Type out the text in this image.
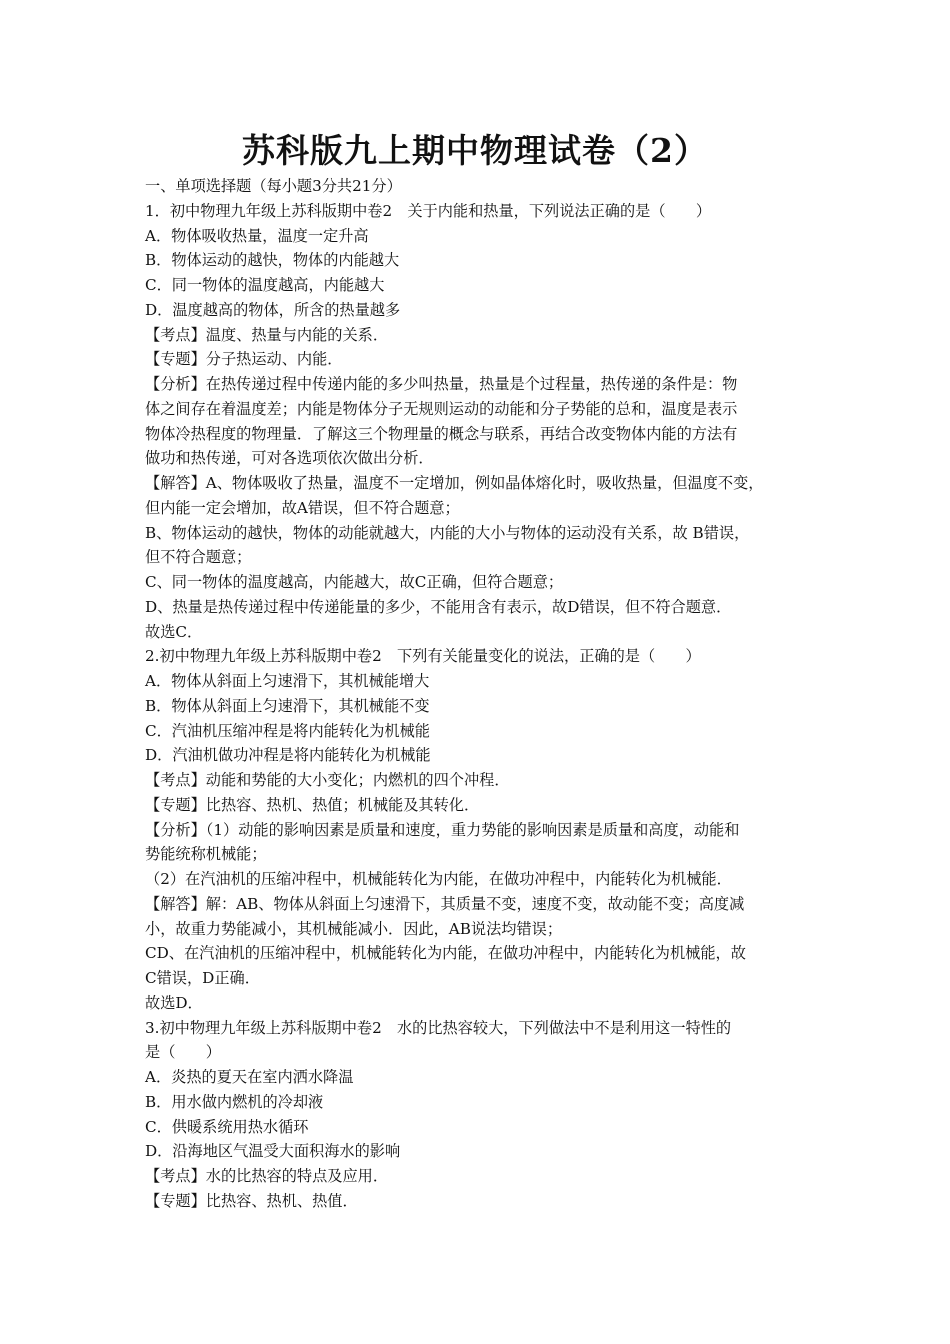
苏科版九上期中物理试卷（2）
一、单项选择题（每小题3分共21分）
1．初中物理九年级上苏科版期中卷2　关于内能和热量，下列说法正确的是（　　）
A．物体吸收热量，温度一定升高
B．物体运动的越快，物体的内能越大
C．同一物体的温度越高，内能越大
D．温度越高的物体，所含的热量越多
【考点】温度、热量与内能的关系．
【专题】分子热运动、内能．
【分析】在热传递过程中传递内能的多少叫热量，热量是个过程量，热传递的条件是：物
体之间存在着温度差；内能是物体分子无规则运动的动能和分子势能的总和，温度是表示
物体冷热程度的物理量．了解这三个物理量的概念与联系，再结合改变物体内能的方法有
做功和热传递，可对各选项依次做出分析．
【解答】A、物体吸收了热量，温度不一定增加，例如晶体熔化时，吸收热量，但温度不变，
但内能一定会增加，故A错误，但不符合题意；
B、物体运动的越快，物体的动能就越大，内能的大小与物体的运动没有关系，故 B错误，
但不符合题意；
C、同一物体的温度越高，内能越大，故C正确，但符合题意；
D、热量是热传递过程中传递能量的多少，不能用含有表示，故D错误，但不符合题意．
故选C．
2.初中物理九年级上苏科版期中卷2　下列有关能量变化的说法，正确的是（　　）
A．物体从斜面上匀速滑下，其机械能增大
B．物体从斜面上匀速滑下，其机械能不变
C．汽油机压缩冲程是将内能转化为机械能
D．汽油机做功冲程是将内能转化为机械能
【考点】动能和势能的大小变化；内燃机的四个冲程．
【专题】比热容、热机、热值；机械能及其转化．
【分析】（1）动能的影响因素是质量和速度，重力势能的影响因素是质量和高度，动能和
势能统称机械能；
（2）在汽油机的压缩冲程中，机械能转化为内能，在做功冲程中，内能转化为机械能．
【解答】解：AB、物体从斜面上匀速滑下，其质量不变，速度不变，故动能不变；高度减
小，故重力势能减小，其机械能减小．因此，AB说法均错误；
CD、在汽油机的压缩冲程中，机械能转化为内能，在做功冲程中，内能转化为机械能，故
C错误，D正确．
故选D．
3.初中物理九年级上苏科版期中卷2　水的比热容较大，下列做法中不是利用这一特性的
是（　　）
A．炎热的夏天在室内洒水降温
B．用水做内燃机的冷却液
C．供暖系统用热水循环
D．沿海地区气温受大面积海水的影响
【考点】水的比热容的特点及应用．
【专题】比热容、热机、热值．
